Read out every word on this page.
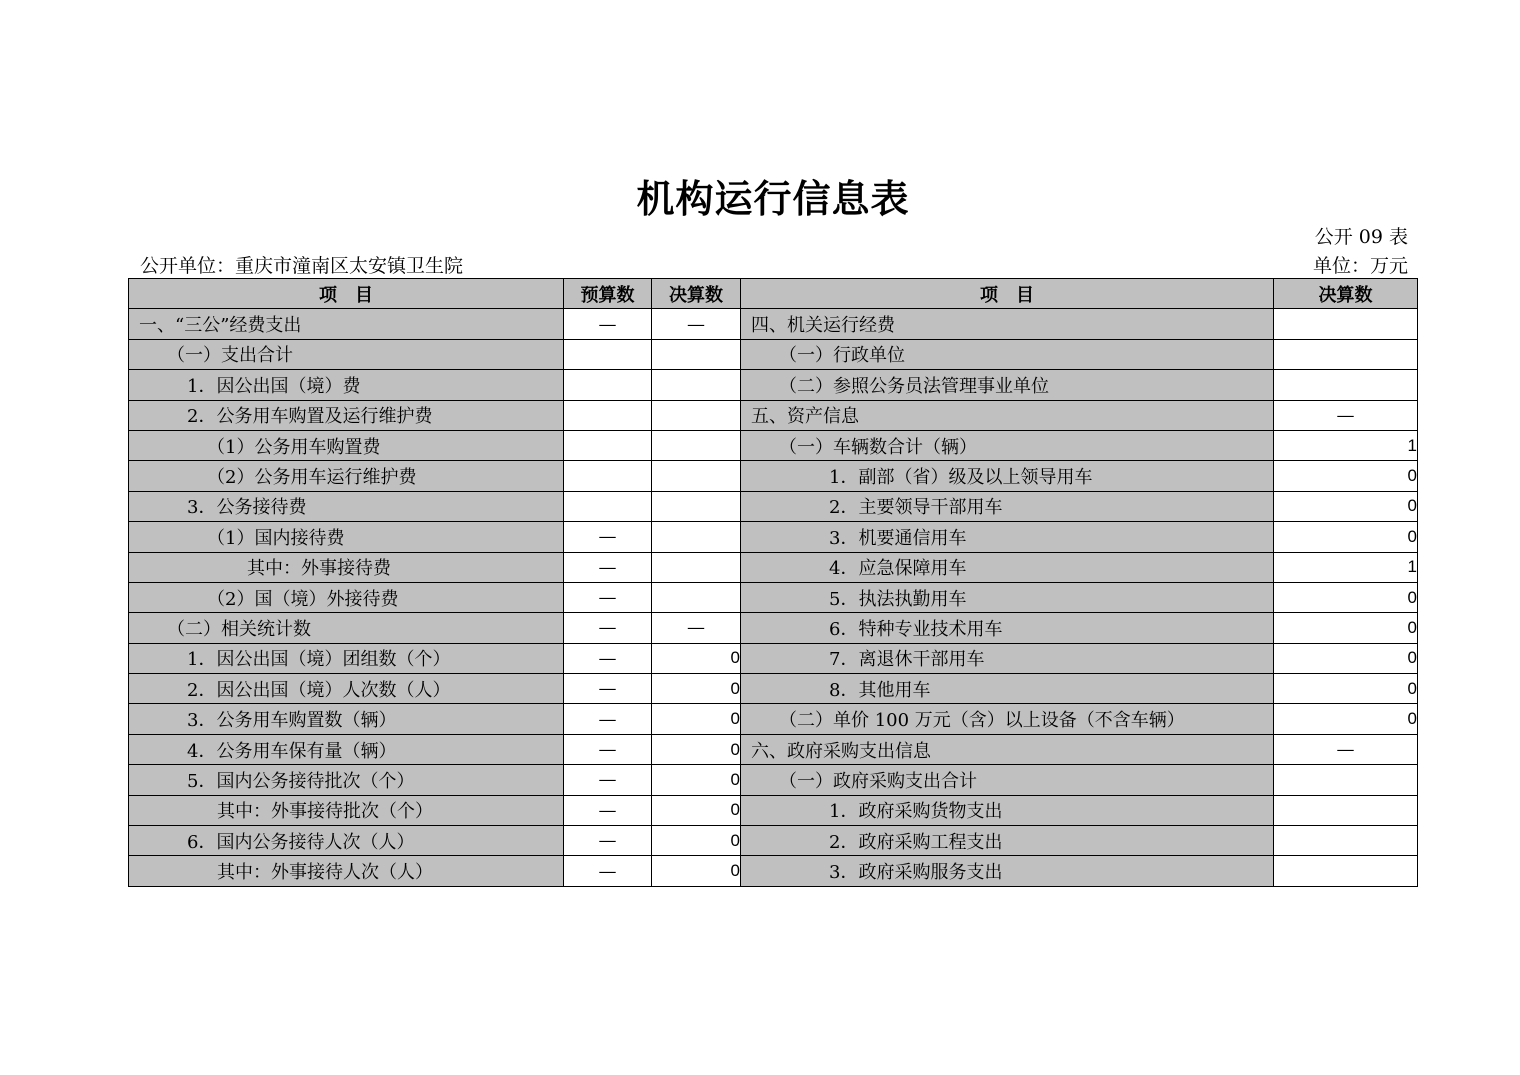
机构运行信息表
公开 09 表
公开单位：重庆市潼南区太安镇卫生院	单位：万元
项　目	预算数	决算数	项　目	决算数
一、“三公”经费支出	—	—	四、机关运行经费	
（一）支出合计			（一）行政单位	
1．因公出国（境）费			（二）参照公务员法管理事业单位	
2．公务用车购置及运行维护费			五、资产信息	—
（1）公务用车购置费			（一）车辆数合计（辆）	1
（2）公务用车运行维护费			1．副部（省）级及以上领导用车	0
3．公务接待费			2．主要领导干部用车	0
（1）国内接待费	—		3．机要通信用车	0
其中：外事接待费	—		4．应急保障用车	1
（2）国（境）外接待费	—		5．执法执勤用车	0
（二）相关统计数	—	—	6．特种专业技术用车	0
1．因公出国（境）团组数（个）	—	0	7．离退休干部用车	0
2．因公出国（境）人次数（人）	—	0	8．其他用车	0
3．公务用车购置数（辆）	—	0	（二）单价 100 万元（含）以上设备（不含车辆）	0
4．公务用车保有量（辆）	—	0	六、政府采购支出信息	—
5．国内公务接待批次（个）	—	0	（一）政府采购支出合计	
其中：外事接待批次（个）	—	0	1．政府采购货物支出	
6．国内公务接待人次（人）	—	0	2．政府采购工程支出	
其中：外事接待人次（人）	—	0	3．政府采购服务支出	
